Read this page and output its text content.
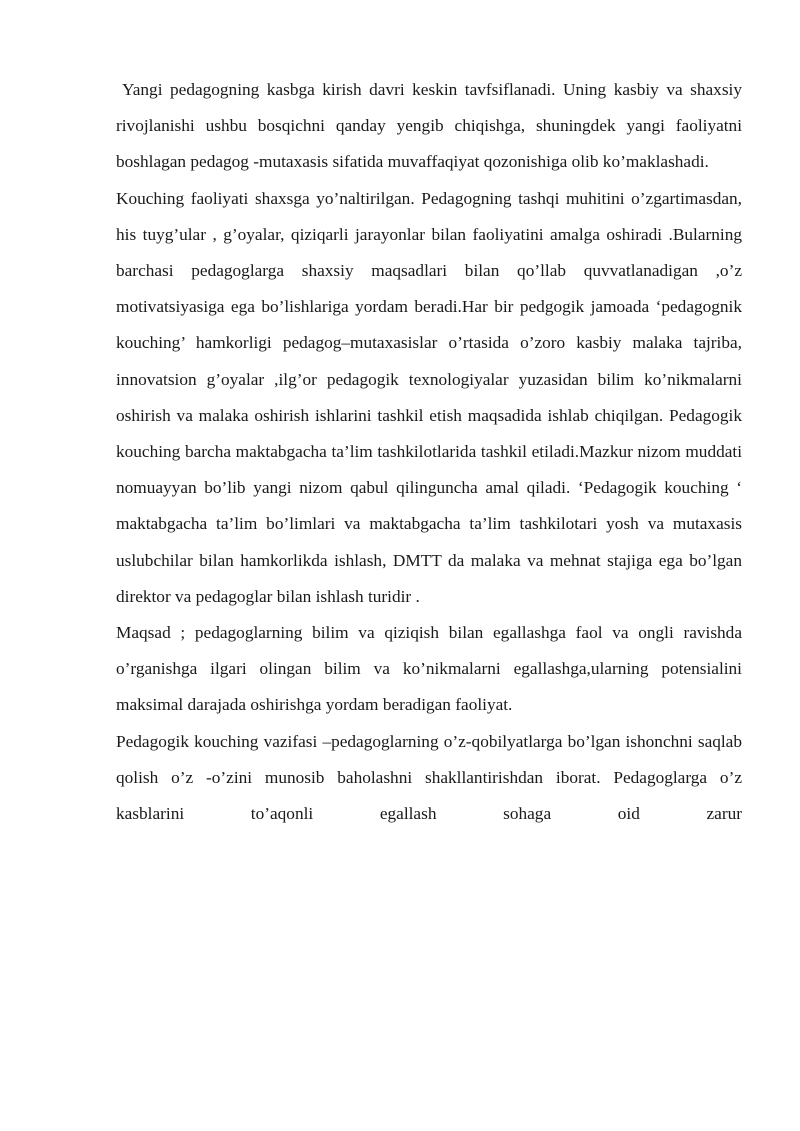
Yangi pedagogning kasbga kirish davri keskin tavfsiflanadi. Uning kasbiy va shaxsiy rivojlanishi ushbu bosqichni qanday yengib chiqishga, shuningdek yangi faoliyatni boshlagan pedagog -mutaxasis sifatida muvaffaqiyat qozonishiga olib ko’maklashadi.

Kouching faoliyati shaxsga yo’naltirilgan. Pedagogning tashqi muhitini o’zgartimasdan, his tuyg’ular , g’oyalar, qiziqarli jarayonlar bilan faoliyatini amalga oshiradi .Bularning barchasi pedagoglarga shaxsiy maqsadlari bilan qo’llab quvvatlanadigan ,o’z motivatsiyasiga ega bo’lishlariga yordam beradi.Har bir pedgogik jamoada ‘pedagognik kouching’ hamkorligi pedagog–mutaxasislar o’rtasida o’zoro kasbiy malaka tajriba, innovatsion g’oyalar ,ilg’or pedagogik texnologiyalar yuzasidan bilim ko’nikmalarni oshirish va malaka oshirish ishlarini tashkil etish maqsadida ishlab chiqilgan. Pedagogik kouching barcha maktabgacha ta’lim tashkilotlarida tashkil etiladi.Mazkur nizom muddati nomuayyan bo’lib yangi nizom qabul qilinguncha amal qiladi. ‘Pedagogik kouching ‘ maktabgacha ta’lim bo’limlari va maktabgacha ta’lim tashkilotari yosh va mutaxasis uslubchilar bilan hamkorlikda ishlash, DMTT da malaka va mehnat stajiga ega bo’lgan direktor va pedagoglar bilan ishlash turidir .

Maqsad ; pedagoglarning bilim va qiziqish bilan egallashga faol va ongli ravishda o’rganishga ilgari olingan bilim va ko’nikmalarni egallashga,ularning potensialini maksimal darajada oshirishga yordam beradigan faoliyat.

Pedagogik kouching vazifasi –pedagoglarning o’z-qobilyatlarga bo’lgan ishonchni saqlab qolish o’z -o’zini munosib baholashni shakllantirishdan iborat. Pedagoglarga o’z kasblarini to’aqonli egallash sohaga oid zarur
